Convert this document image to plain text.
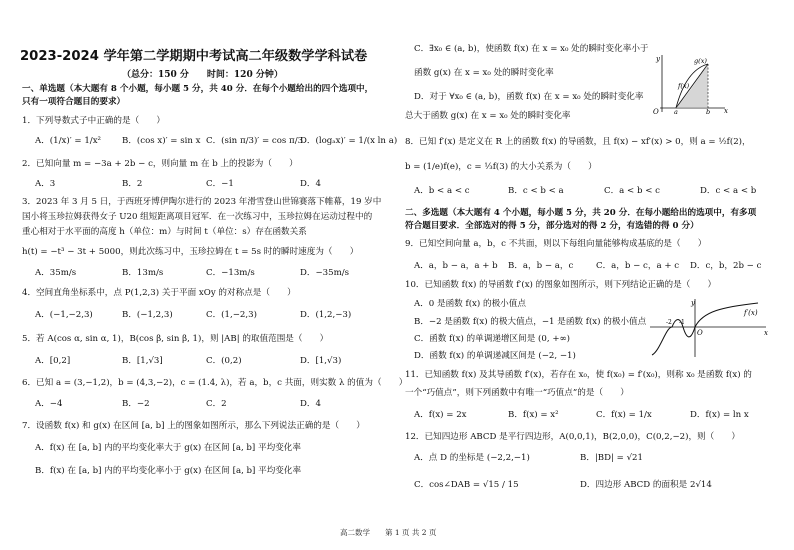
2023-2024 学年第二学期期中考试高二年级数学学科试卷
（总分：150 分　　时间：120 分钟）
一、单选题（本大题有 8 个小题，每小题 5 分，共 40 分．在每个小题给出的四个选项中，
只有一项符合题目的要求）
1．下列导数式子中正确的是（　　）
A．(1/x)′ = 1/x² B．(cos x)′ = sin x C．(sin π/3)′ = cos π/3
D．(logₐx)′ = 1/(x ln a)
2．已知向量 m = −3a + 2b − c，则向量 m 在 b 上的投影为（　　）
A．3	B．2	C．−1	D．4
3．2023 年 3 月 5 日，于西班牙博伊陶尔进行的 2023 年滑雪登山世锦赛落下帷幕，19 岁中
国小将玉珍拉姆获得女子 U20 组短距离项目冠军．在一次练习中，玉珍拉姆在运动过程中的
重心相对于水平面的高度 h（单位：m）与时间 t（单位：s）存在函数关系
h(t) = −t³ − 3t + 5000，则此次练习中，玉珍拉姆在 t = 5s 时的瞬时速度为（　　）
A．35m/s	B．13m/s	C．−13m/s	D．−35m/s
4．空间直角坐标系中，点 P(1,2,3) 关于平面 xOy 的对称点是（　　）
A．(−1,−2,3)	B．(−1,2,3)	C．(1,−2,3)	D．(1,2,−3)
5．若 A(cos α, sin α, 1)，B(cos β, sin β, 1)，则 |AB| 的取值范围是（　　）
A．[0,2]	B．[1,√3]	C．(0,2)	D．[1,√3)
6．已知 a = (3,−1,2)，b = (4,3,−2)，c = (1.4, λ)，若 a，b，c 共面，则实数 λ 的值为（　　）
A．−4	B．−2	C．2	D．4
7．设函数 f(x) 和 g(x) 在区间 [a, b] 上的图象如图所示，那么下列说法正确的是（　　）
A．f(x) 在 [a, b] 内的平均变化率大于 g(x) 在区间 [a, b] 平均变化率
B．f(x) 在 [a, b] 内的平均变化率小于 g(x) 在区间 [a, b] 平均变化率
C．∃x₀ ∈ (a, b)，使函数 f(x) 在 x = x₀ 处的瞬时变化率小于
函数 g(x) 在 x = x₀ 处的瞬时变化率
D．对于 ∀x₀ ∈ (a, b)，函数 f(x) 在 x = x₀ 处的瞬时变化率
总大于函数 g(x) 在 x = x₀ 处的瞬时变化率
y
x
O a	b
g(x)
f(x)
8．已知 f′(x) 是定义在 R 上的函数 f(x) 的导函数，且 f(x) − xf′(x) > 0，则 a = ½f(2)，
b = (1/e)f(e)，c = ⅓f(3) 的大小关系为（　　）
A．b < a < c	B．c < b < a	C．a < b < c	D．c < a < b
二、多选题（本大题有 4 个小题，每小题 5 分，共 20 分．在每小题给出的选项中，有多项
符合题目要求．全部选对的得 5 分，部分选对的得 2 分，有选错的得 0 分）
9．已知空间向量 a，b，c 不共面，则以下每组向量能够构成基底的是（　　）
A．a，b − a，a + b B．a，b − a，c	C．a，b − c，a + c D．c，b，2b − c
10．已知函数 f(x) 的导函数 f′(x) 的图象如图所示，则下列结论正确的是（　　）
A．0 是函数 f(x) 的极小值点
B．−2 是函数 f(x) 的极大值点，−1 是函数 f(x) 的极小值点
C．函数 f(x) 的单调递增区间是 (0, +∞)
D．函数 f(x) 的单调递减区间是 (−2, −1)
y
x
O
-2 -1
f′(x)
11．已知函数 f(x) 及其导函数 f′(x)，若存在 x₀，使 f(x₀) = f′(x₀)，则称 x₀ 是函数 f(x) 的
一个“巧值点”，则下列函数中有唯一“巧值点”的是（　　）
A．f(x) = 2x	B．f(x) = x²	C．f(x) = 1/x	D．f(x) = ln x
12．已知四边形 ABCD 是平行四边形，A(0,0,1)，B(2,0,0)，C(0,2,−2)，则（　　）
A．点 D 的坐标是 (−2,2,−1)	B．|BD| = √21
C．cos∠DAB = √15 / 15	D．四边形 ABCD 的面积是 2√14
高二数学　　第 1 页 共 2 页
